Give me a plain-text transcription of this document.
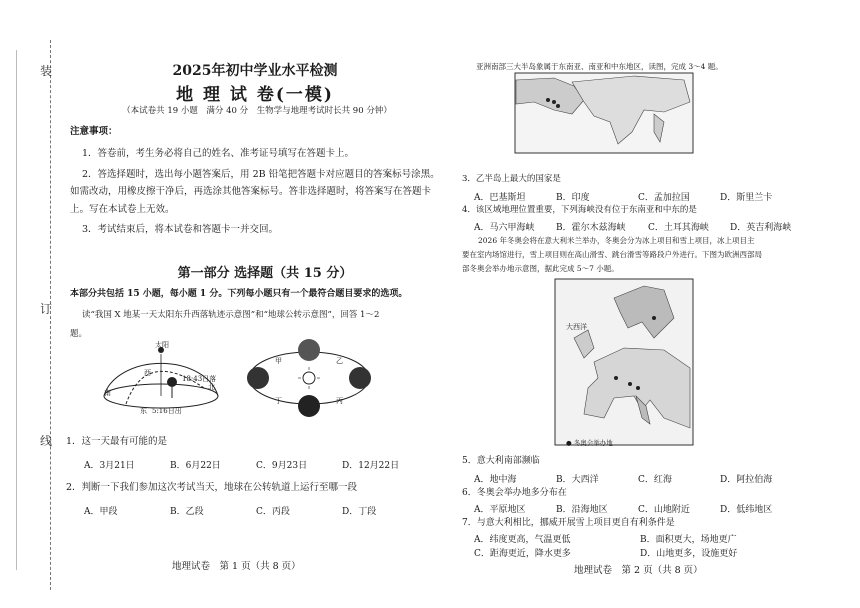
装
订
线
2025年初中学业水平检测
地 理 试 卷(一模)
（本试卷共 19 小题　满分 40 分　生物学与地理考试时长共 90 分钟）
注意事项：
1．答卷前，考生务必将自己的姓名、准考证号填写在答题卡上。
2．答选择题时，选出每小题答案后，用 2B 铅笔把答题卡对应题目的答案标号涂黑。
如需改动，用橡皮擦干净后，再选涂其他答案标号。答非选择题时，将答案写在答题卡
上。写在本试卷上无效。
3．考试结束后，将本试卷和答题卡一并交回。
第一部分 选择题（共 15 分）
本部分共包括 15 小题，每小题 1 分。下列每小题只有一个最符合题目要求的选项。
读“我国 X 地某一天太阳东升西落轨迹示意图”和“地球公转示意图”，回答 1～2
题。
太阳
西
18:43日落
北
南
东 5:16日出
甲	乙
丙
丁
1．这一天最有可能的是
A．3月21日	B．6月22日	C．9月23日	D．12月22日
2．判断一下我们参加这次考试当天，地球在公转轨道上运行至哪一段
A．甲段	B．乙段	C．丙段	D．丁段
地理试卷　第 1 页（共 8 页）
亚洲南部三大半岛象属于东南亚、南亚和中东地区，读图，完成 3～4 题。
3．乙半岛上最大的国家是
A．巴基斯坦	B．印度	C．孟加拉国	D．斯里兰卡
4．该区域地理位置重要，下列海峡没有位于东南亚和中东的是
A．马六甲海峡 B．霍尔木兹海峡 C．土耳其海峡 D．英吉利海峡
2026 年冬奥会将在意大利米兰举办，冬奥会分为冰上项目和雪上项目，冰上项目主
要在室内场馆进行，雪上项目则在高山滑雪、跳台滑雪等路段户外进行。下图为欧洲西部局
部冬奥会举办地示意图，据此完成 5～7 小题。
大西洋
● 冬奥会举办地
5．意大利南部濒临
A．地中海	B．大西洋	C．红海	D．阿拉伯海
6．冬奥会举办地多分布在
A．平原地区	B．沿海地区	C．山地附近	D．低纬地区
7．与意大利相比，挪威开展雪上项目更自有利条件是
A．纬度更高，气温更低	B．面积更大，场地更广
C．距海更近，降水更多	D．山地更多，设施更好
地理试卷　第 2 页（共 8 页）
